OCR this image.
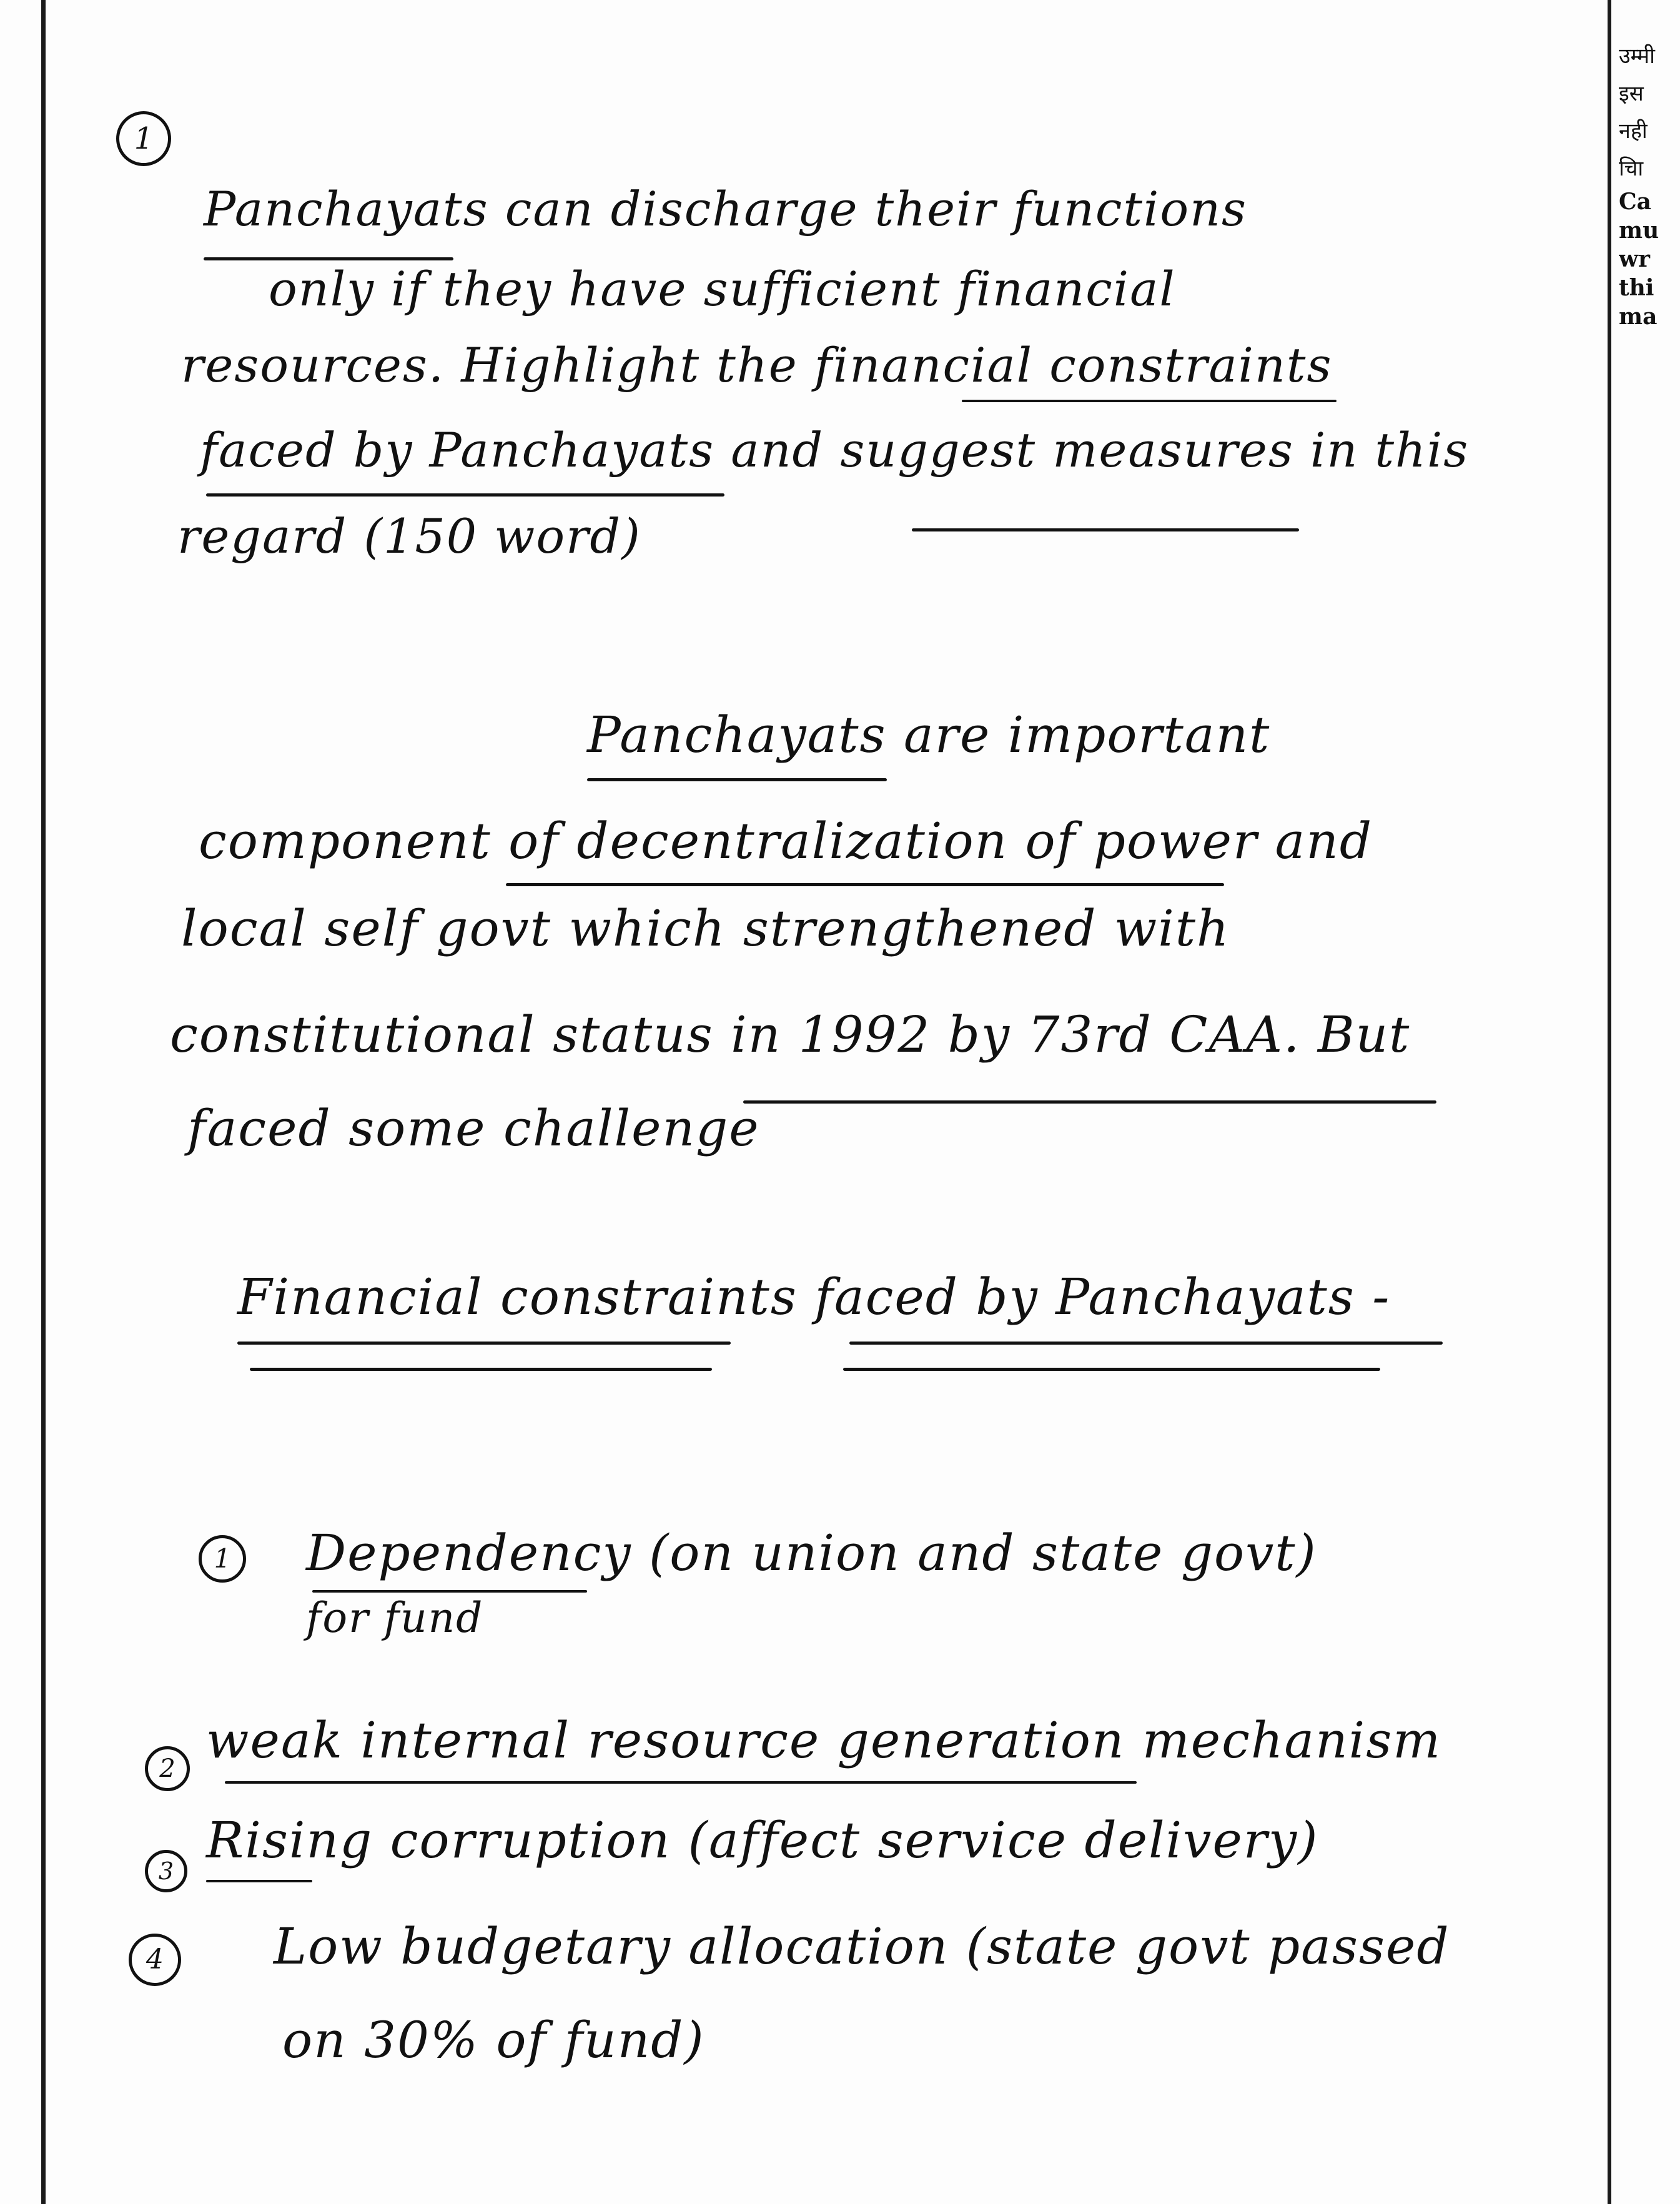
उम्मी
इस
नही
चाि
Ca
mu
wr
thi
ma
1
Panchayats can discharge their functions
only if they have sufficient financial
resources. Highlight the financial constraints
faced by Panchayats and suggest measures in this
regard (150 word)
Panchayats are important
component of decentralization of power and
local self govt which strengthened with
constitutional status in 1992 by 73rd CAA. But
faced some challenge
Financial constraints faced by Panchayats -
1	Dependency (on union and state govt)
for fund
2 weak internal resource generation mechanism
3
Rising corruption (affect service delivery)
4	Low budgetary allocation (state govt passed
on 30% of fund)
